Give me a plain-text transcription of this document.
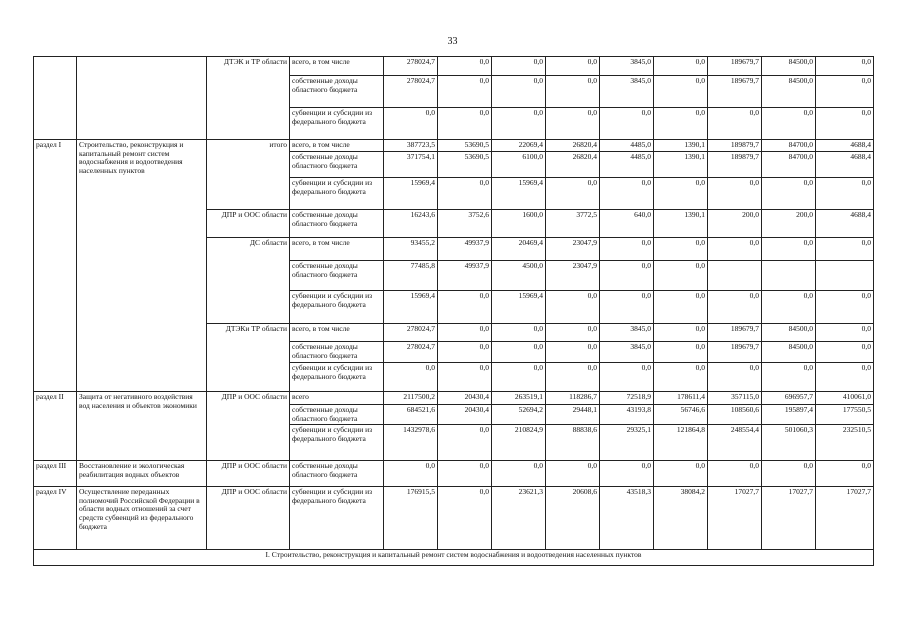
33
		ДТЭК и ТР области	всего, в том числе	278024,7	0,0	0,0	0,0	3845,0	0,0	189679,7	84500,0	0,0
			собственные доходы областного бюджета	278024,7	0,0	0,0	0,0	3845,0	0,0	189679,7	84500,0	0,0
			субвенции и субсидии из федерального бюджета	0,0	0,0	0,0	0,0	0,0	0,0	0,0	0,0	0,0
раздел I	Строительство, реконструкция и капитальный ремонт систем водоснабжения и водоотведения населенных пунктов	итого	всего, в том числе	387723,5	53690,5	22069,4	26820,4	4485,0	1390,1	189879,7	84700,0	4688,4
			собственные доходы областного бюджета	371754,1	53690,5	6100,0	26820,4	4485,0	1390,1	189879,7	84700,0	4688,4
			субвенции и субсидии из федерального бюджета	15969,4	0,0	15969,4	0,0	0,0	0,0	0,0	0,0	0,0
		ДПР и ООС области	собственные доходы областного бюджета	16243,6	3752,6	1600,0	3772,5	640,0	1390,1	200,0	200,0	4688,4
		ДС области	всего, в том числе	93455,2	49937,9	20469,4	23047,9	0,0	0,0	0,0	0,0	0,0
			собственные доходы областного бюджета	77485,8	49937,9	4500,0	23047,9	0,0	0,0			
			субвенции и субсидии из федерального бюджета	15969,4	0,0	15969,4	0,0	0,0	0,0	0,0	0,0	0,0
		ДТЭКи ТР области	всего, в том числе	278024,7	0,0	0,0	0,0	3845,0	0,0	189679,7	84500,0	0,0
			собственные доходы областного бюджета	278024,7	0,0	0,0	0,0	3845,0	0,0	189679,7	84500,0	0,0
			субвенции и субсидии из федерального бюджета	0,0	0,0	0,0	0,0	0,0	0,0	0,0	0,0	0,0
раздел II	Защита от негативного воздействия вод населения и объектов экономики	ДПР и ООС области	всего	2117500,2	20430,4	263519,1	118286,7	72518,9	178611,4	357115,0	696957,7	410061,0
			собственные доходы областного бюджета	684521,6	20430,4	52694,2	29448,1	43193,8	56746,6	108560,6	195897,4	177550,5
			субвенции и субсидии из федерального бюджета	1432978,6	0,0	210824,9	88838,6	29325,1	121864,8	248554,4	501060,3	232510,5
раздел III	Восстановление и экологическая реабилитация водных объектов	ДПР и ООС области	собственные доходы областного бюджета	0,0	0,0	0,0	0,0	0,0	0,0	0,0	0,0	0,0
раздел IV	Осуществление переданных полномочий Российской Федерации в области водных отношений за счет средств субвенций из федерального бюджета	ДПР и ООС области	субвенции и субсидии из федерального бюджета	176915,5	0,0	23621,3	20608,6	43518,3	38084,2	17027,7	17027,7	17027,7
I. Строительство, реконструкция и капитальный ремонт систем водоснабжения и водоотведения населенных пунктов												
